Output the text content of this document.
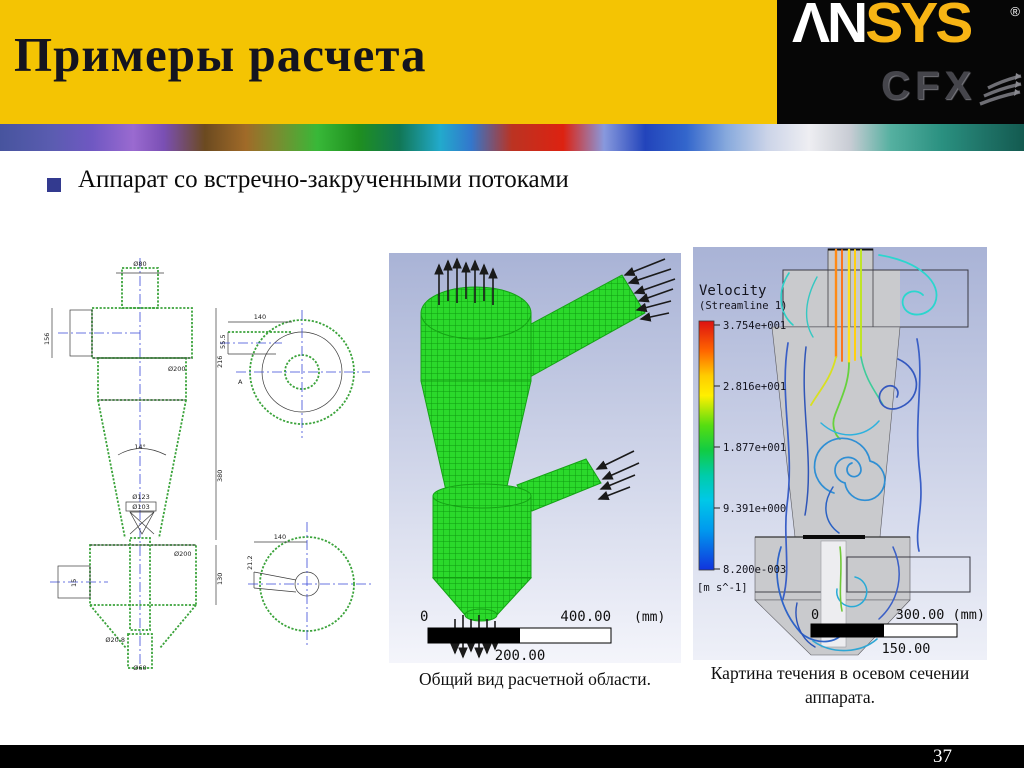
Примеры расчета	ΛNSYS	®
CFX
Аппарат со встречно-закрученными потоками
Ø80
156
216
Ø200
14°
380
Ø123
Ø103
Ø200
130
15
Ø20.8
Ø60
140
55.5
A
140
21.2
0	400.00 (mm)
200.00
Velocity
(Streamline 1)
3.754e+001
2.816e+001
1.877e+001
9.391e+000
8.200e-003
[m s^-1]
0	300.00 (mm)
150.00
Общий вид расчетной области.	Картина течения в осевом сечении
аппарата.
37
